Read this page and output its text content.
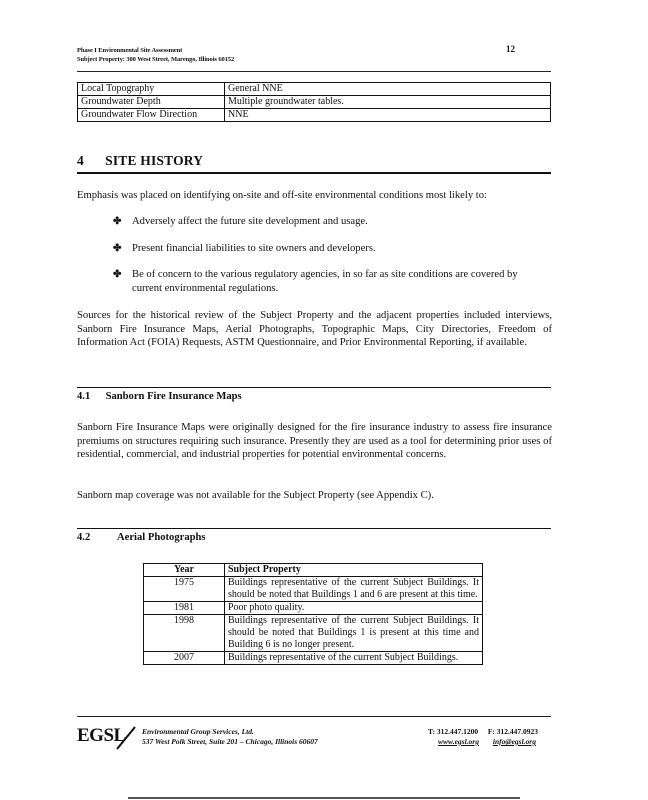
Phase I Environmental Site Assessment
Subject Property: 300 West Street, Marengo, Illinois 60152
12
Local Topography	General NNE
Groundwater Depth	Multiple groundwater tables.
Groundwater Flow Direction	NNE
4 SITE HISTORY
Emphasis was placed on identifying on-site and off-site environmental conditions most likely to:
✤ Adversely affect the future site development and usage.
✤ Present financial liabilities to site owners and developers.
✤ Be of concern to the various regulatory agencies, in so far as site conditions are covered by current environmental regulations.
Sources for the historical review of the Subject Property and the adjacent properties included interviews, Sanborn Fire Insurance Maps, Aerial Photographs, Topographic Maps, City Directories, Freedom of Information Act (FOIA) Requests, ASTM Questionnaire, and Prior Environmental Reporting, if available.
4.1 Sanborn Fire Insurance Maps
Sanborn Fire Insurance Maps were originally designed for the fire insurance industry to assess fire insurance premiums on structures requiring such insurance. Presently they are used as a tool for determining prior uses of residential, commercial, and industrial properties for potential environmental concerns.
Sanborn map coverage was not available for the Subject Property (see Appendix C).
4.2	Aerial Photographs
Year	Subject Property
1975	Buildings representative of the current Subject Buildings. It should be noted that Buildings 1 and 6 are present at this time.
1981	Poor photo quality.
1998	Buildings representative of the current Subject Buildings. It should be noted that Buildings 1 is present at this time and Building 6 is no longer present.
2007	Buildings representative of the current Subject Buildings.
EGSL Environmental Group Services, Ltd.
537 West Polk Street, Suite 201 – Chicago, Illinois 60607
T: 312.447.1200 F: 312.447.0923
www.egsl.org info@egsl.org
